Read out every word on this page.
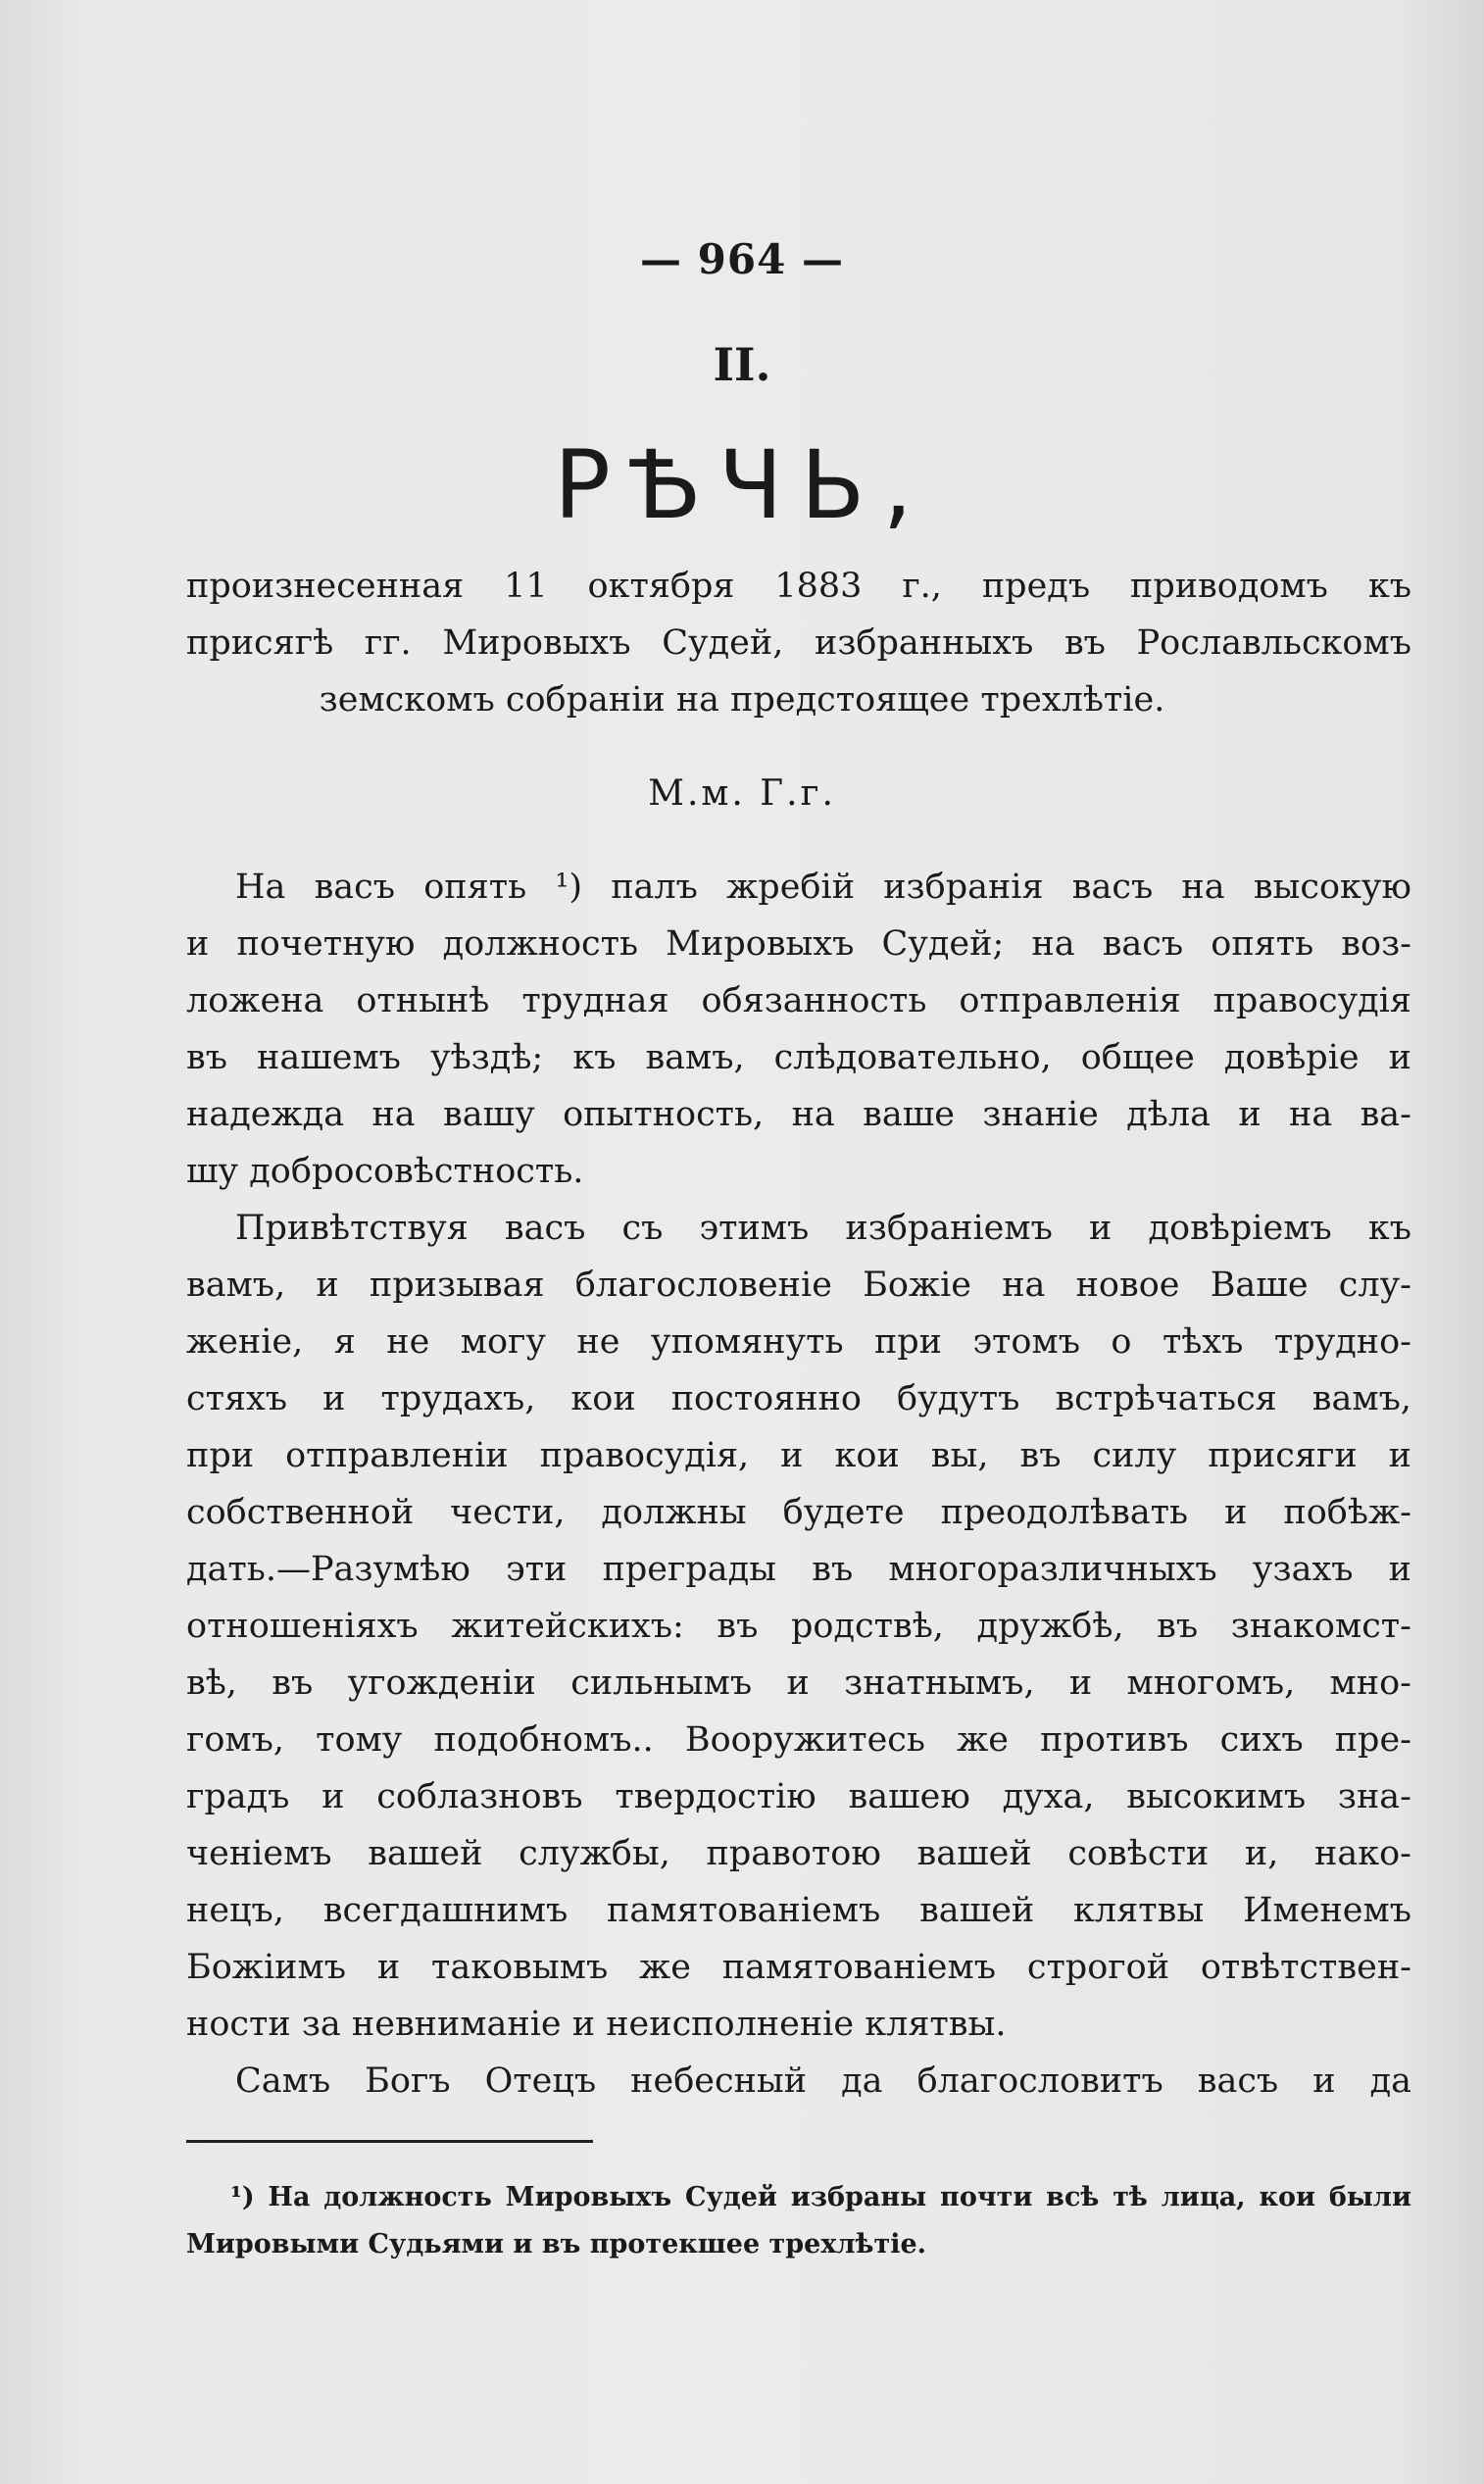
— 964 —
II.
РѢЧЬ,
произнесенная 11 октября 1883 г., предъ приводомъ къ
присягѣ гг. Мировыхъ Судей, избранныхъ въ Рославльскомъ
земскомъ собраніи на предстоящее трехлѣтіе.
М.м. Г.г.
На васъ опять ¹) палъ жребій избранія васъ на высокую
и почетную должность Мировыхъ Судей; на васъ опять воз-
ложена отнынѣ трудная обязанность отправленія правосудія
въ нашемъ уѣздѣ; къ вамъ, слѣдовательно, общее довѣріе и
надежда на вашу опытность, на ваше знаніе дѣла и на ва-
шу добросовѣстность.
Привѣтствуя васъ съ этимъ избраніемъ и довѣріемъ къ
вамъ, и призывая благословеніе Божіе на новое Ваше слу-
женіе, я не могу не упомянуть при этомъ о тѣхъ трудно-
стяхъ и трудахъ, кои постоянно будутъ встрѣчаться вамъ,
при отправленіи правосудія, и кои вы, въ силу присяги и
собственной чести, должны будете преодолѣвать и побѣж-
дать.—Разумѣю эти преграды въ многоразличныхъ узахъ и
отношеніяхъ житейскихъ: въ родствѣ, дружбѣ, въ знакомст-
вѣ, въ угожденіи сильнымъ и знатнымъ, и многомъ, мно-
гомъ, тому подобномъ.. Вооружитесь же противъ сихъ пре-
градъ и соблазновъ твердостію вашею духа, высокимъ зна-
ченіемъ вашей службы, правотою вашей совѣсти и, нако-
нецъ, всегдашнимъ памятованіемъ вашей клятвы Именемъ
Божіимъ и таковымъ же памятованіемъ строгой отвѣтствен-
ности за невниманіе и неисполненіе клятвы.
Самъ Богъ Отецъ небесный да благословитъ васъ и да
¹) На должность Мировыхъ Судей избраны почти всѣ тѣ лица, кои были
Мировыми Судьями и въ протекшее трехлѣтіе.
